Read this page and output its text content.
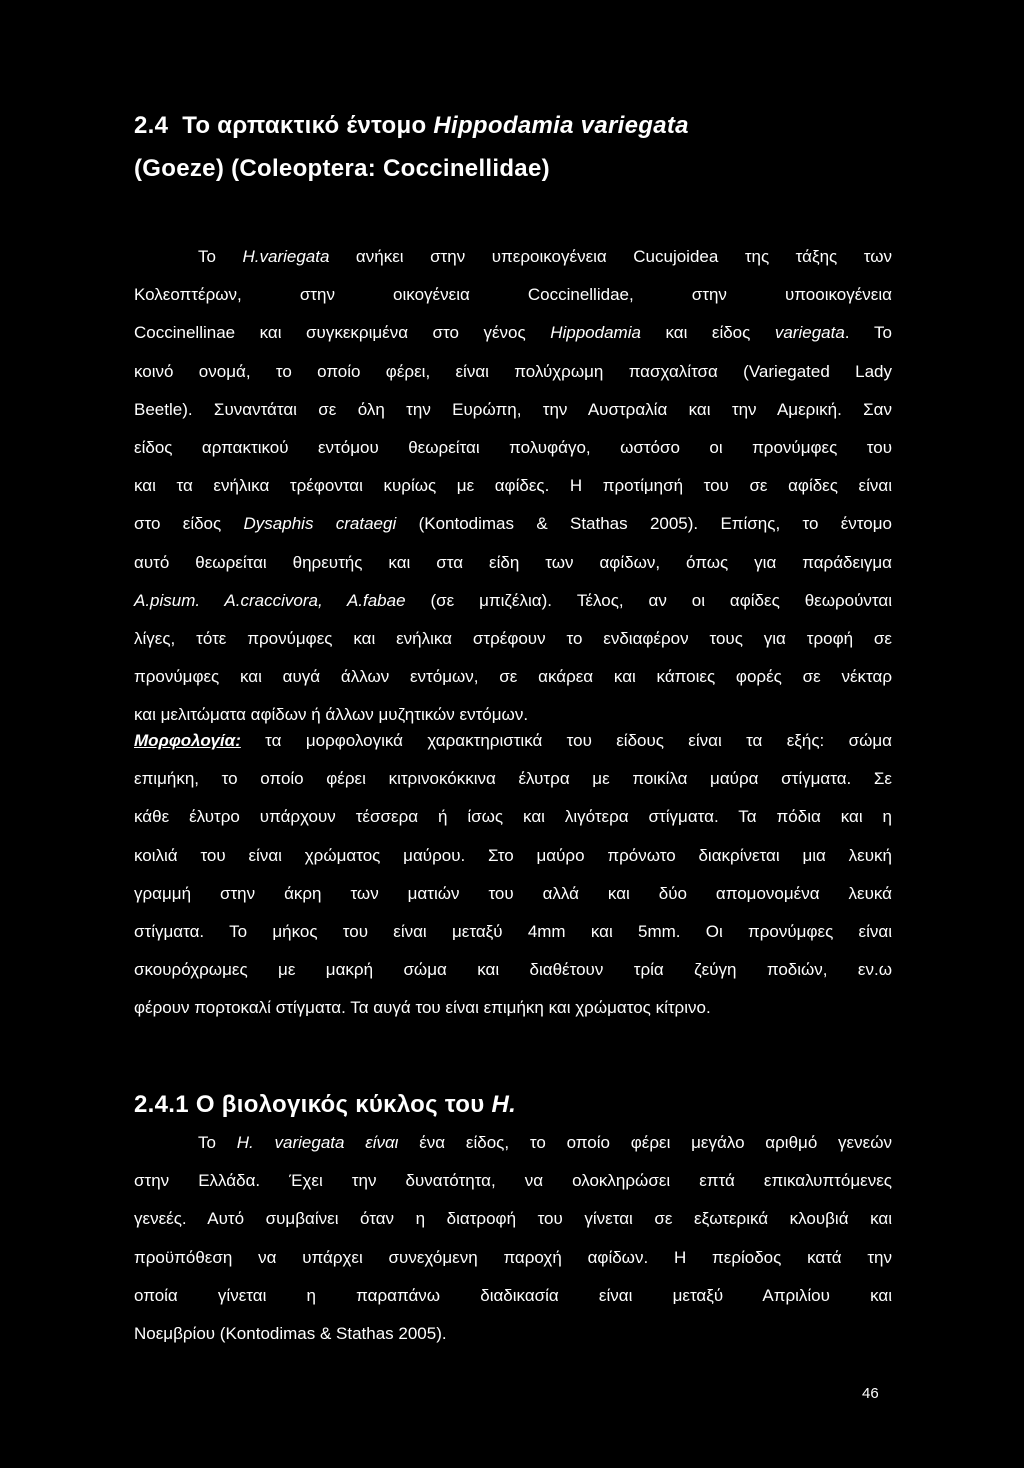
2.4 Το αρπακτικό έντομο Hippodamia variegata
(Goeze) (Coleoptera: Coccinellidae)
Το H.variegata ανήκει στην υπεροικογένεια Cucujoidea της τάξης των
Κολεοπτέρων, στην οικογένεια Coccinellidae, στην υποοικογένεια
Coccinellinae και συγκεκριμένα στο γένος Hippodamia και είδος variegata. Το
κοινό ονομά, το οποίο φέρει, είναι πολύχρωμη πασχαλίτσα (Variegated Lady
Beetle). Συναντάται σε όλη την Ευρώπη, την Αυστραλία και την Αμερική. Σαν
είδος αρπακτικού εντόμου θεωρείται πολυφάγο, ωστόσο οι προνύμφες του
και τα ενήλικα τρέφονται κυρίως με αφίδες. Η προτίμησή του σε αφίδες είναι
στο είδος Dysaphis crataegi (Kontodimas & Stathas 2005). Επίσης, το έντομο
αυτό θεωρείται θηρευτής και στα είδη των αφίδων, όπως για παράδειγμα
A.pisum. A.craccivora, A.fabae (σε μπιζέλια). Τέλος, αν οι αφίδες θεωρούνται
λίγες, τότε προνύμφες και ενήλικα στρέφουν το ενδιαφέρον τους για τροφή σε
προνύμφες και αυγά άλλων εντόμων, σε ακάρεα και κάποιες φορές σε νέκταρ
και μελιτώματα αφίδων ή άλλων μυζητικών εντόμων.
Μορφολογία: τα μορφολογικά χαρακτηριστικά του είδους είναι τα εξής: σώμα
επιμήκη, το οποίο φέρει κιτρινοκόκκινα έλυτρα με ποικίλα μαύρα στίγματα. Σε
κάθε έλυτρο υπάρχουν τέσσερα ή ίσως και λιγότερα στίγματα. Τα πόδια και η
κοιλιά του είναι χρώματος μαύρου. Στο μαύρο πρόνωτο διακρίνεται μια λευκή
γραμμή στην άκρη των ματιών του αλλά και δύο απομονομένα λευκά
στίγματα. Το μήκος του είναι μεταξύ 4mm και 5mm. Οι προνύμφες είναι
σκουρόχρωμες με μακρή σώμα και διαθέτουν τρία ζεύγη ποδιών, εν.ω
φέρουν πορτοκαλί στίγματα. Τα αυγά του είναι επιμήκη και χρώματος κίτρινο.
2.4.1 Ο βιολογικός κύκλος του H.
Το H. variegata είναι ένα είδος, το οποίο φέρει μεγάλο αριθμό γενεών
στην Ελλάδα. Έχει την δυνατότητα, να ολοκληρώσει επτά επικαλυπτόμενες
γενεές. Αυτό συμβαίνει όταν η διατροφή του γίνεται σε εξωτερικά κλουβιά και
προϋπόθεση να υπάρχει συνεχόμενη παροχή αφίδων. Η περίοδος κατά την
οποία γίνεται η παραπάνω διαδικασία είναι μεταξύ Απριλίου και
Νοεμβρίου (Kontodimas & Stathas 2005).
46
